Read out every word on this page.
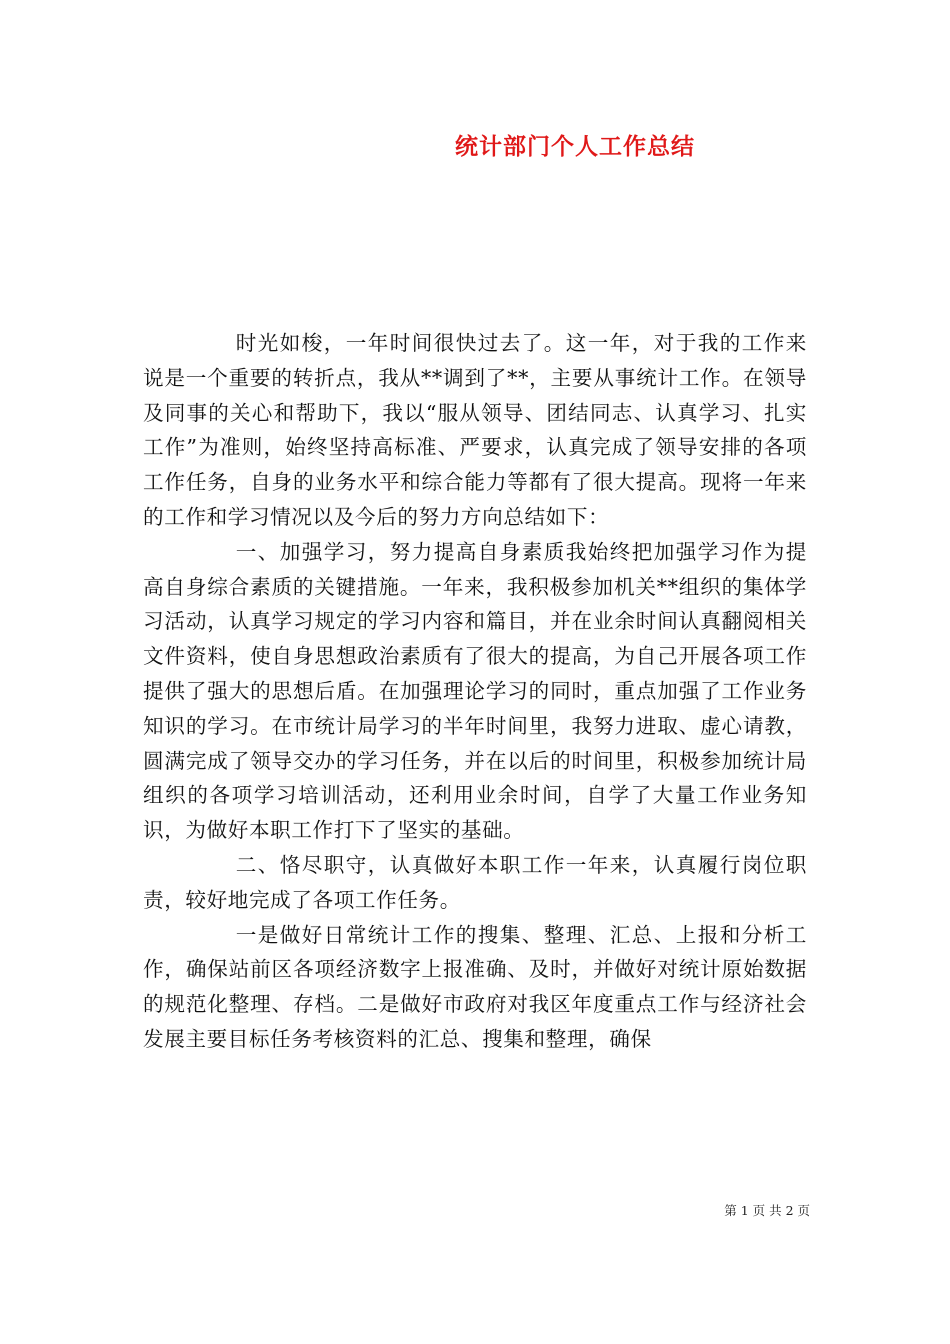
统计部门个人工作总结

时光如梭，一年时间很快过去了。这一年，对于我的工作来说是一个重要的转折点，我从**调到了**，主要从事统计工作。在领导及同事的关心和帮助下，我以“服从领导、团结同志、认真学习、扎实工作”为准则，始终坚持高标准、严要求，认真完成了领导安排的各项工作任务，自身的业务水平和综合能力等都有了很大提高。现将一年来的工作和学习情况以及今后的努力方向总结如下：

一、加强学习，努力提高自身素质我始终把加强学习作为提高自身综合素质的关键措施。一年来，我积极参加机关**组织的集体学习活动，认真学习规定的学习内容和篇目，并在业余时间认真翻阅相关文件资料，使自身思想政治素质有了很大的提高，为自己开展各项工作提供了强大的思想后盾。在加强理论学习的同时，重点加强了工作业务知识的学习。在市统计局学习的半年时间里，我努力进取、虚心请教，圆满完成了领导交办的学习任务，并在以后的时间里，积极参加统计局组织的各项学习培训活动，还利用业余时间，自学了大量工作业务知识，为做好本职工作打下了坚实的基础。

二、恪尽职守，认真做好本职工作一年来，认真履行岗位职责，较好地完成了各项工作任务。

一是做好日常统计工作的搜集、整理、汇总、上报和分析工作，确保站前区各项经济数字上报准确、及时，并做好对统计原始数据的规范化整理、存档。二是做好市政府对我区年度重点工作与经济社会发展主要目标任务考核资料的汇总、搜集和整理，确保

第 1 页 共 2 页
